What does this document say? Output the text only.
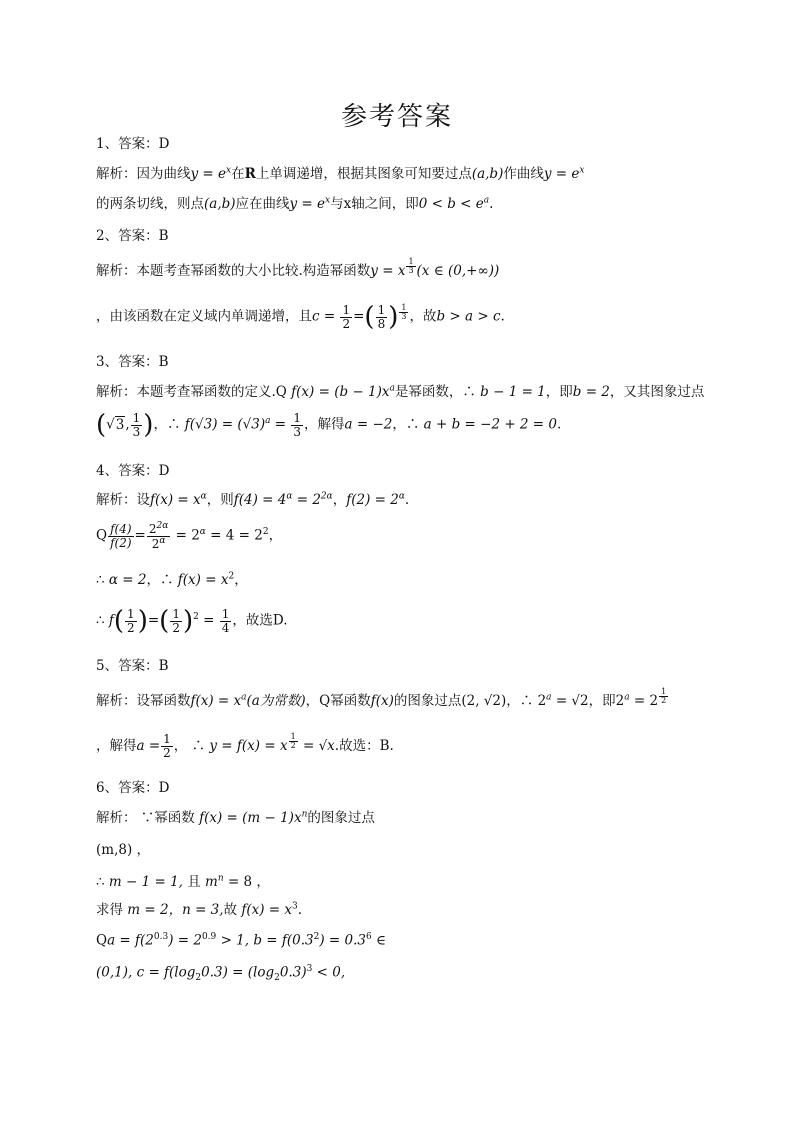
参考答案
1、答案：D
解析：因为曲线$y = e^x$在R上单调递增，根据其图象可知要过点(a,b)作曲线$y = e^x$
的两条切线，则点(a,b)应在曲线$y = e^x$与x轴之间，即$0 < b < e^a$.
2、答案：B
解析：本题考查幂函数的大小比较.构造幂函数y = x $^{\frac{1}{3}}$ (x ∈ (0,+∞))
，由该函数在定义域内单调递增，且$c = \frac{1}{2}$ =( $\frac{1}{8}$ ) $^{\frac{1}{3}}$ ，故b > a > c.
3、答案：B
解析：本题考查幂函数的定义.Q $f(x) = (b - 1)x^a$是幂函数，∴ b − 1 = 1，即b = 2，又其图象过点
(√3, $\frac{1}{3}$ )，∴ $f(√3) = (√3)^a = \frac{1}{3}$ ，解得a = −2，∴ a + b = −2 + 2 = 0.
4、答案：D
解析：设$f(x) = x^\alpha$，则$f(4) = 4^\alpha = 2^{2\alpha}$，$f(2) = 2^\alpha$.
Q $\frac{f(4)}{f(2)} = \frac{2^{2\alpha}}{2^\alpha} = 2^\alpha = 4 = 2^2$，
∴ α = 2，∴ $f(x) = x^2$，
∴ $f( \frac{1}{2}$ )=( $\frac{1}{2} )^2 = \frac{1}{4}$ ，故选D.
5、答案：B
解析：设幂函数$f(x) = x^a(a$为常数)，Q幂函数f(x)的图象过点(2, √2)，∴ $2^a = √2$，即$2^a = 2$ $^{\frac{1}{2}}$
，解得$a = \frac{1}{2}$ ， ∴ y = f(x) = x $^{\frac{1}{2}}$ = √x.故选：B.
6、答案：D
解析： ∵幂函数 $f(x) = (m - 1)x^n$的图象过点
(m,8) ，
∴ m − 1 = 1, 且 $m^n = 8$ ，
求得 m = 2，n = 3,故 $f(x) = x^3$.
$Qa = f(2^{0.3}) = 2^{0.9} > 1$, $b = f(0.3^2) = 0.3^6$ ∈
(0,1), $c = f(\log_20.3) = (\log_20.3)^3 < 0$,
